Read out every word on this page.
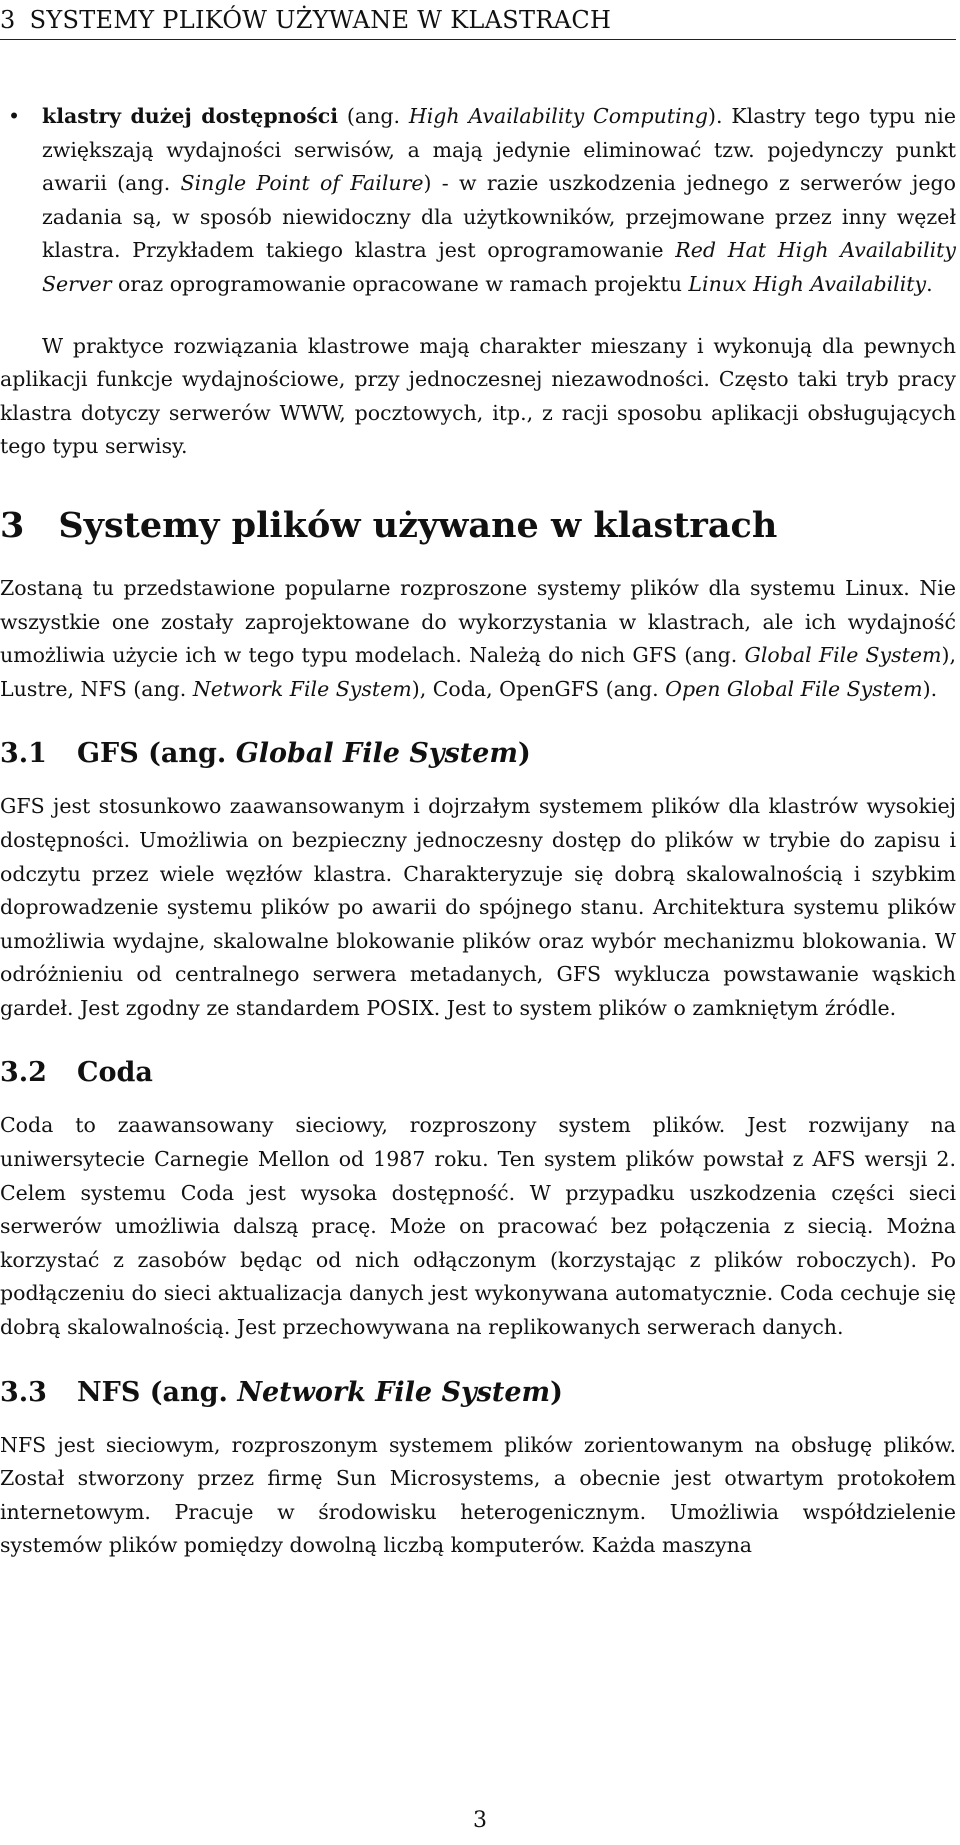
3 SYSTEMY PLIKÓW UŻYWANE W KLASTRACH
• klastry dużej dostępności (ang. High Availability Computing). Klastry tego typu nie zwiększają wydajności serwisów, a mają jedynie eliminować tzw. pojedynczy punkt awarii (ang. Single Point of Failure) - w razie uszkodzenia jednego z serwerów jego zadania są, w sposób niewidoczny dla użytkowników, przejmowane przez inny węzeł klastra. Przykładem takiego klastra jest oprogramowanie Red Hat High Availability Server oraz oprogramowanie opracowane w ramach projektu Linux High Availability.

W praktyce rozwiązania klastrowe mają charakter mieszany i wykonują dla pewnych aplikacji funkcje wydajnościowe, przy jednoczesnej niezawodności. Często taki tryb pracy klastra dotyczy serwerów WWW, pocztowych, itp., z racji sposobu aplikacji obsługujących tego typu serwisy.

3 Systemy plików używane w klastrach

Zostaną tu przedstawione popularne rozproszone systemy plików dla systemu Linux. Nie wszystkie one zostały zaprojektowane do wykorzystania w klastrach, ale ich wydajność umożliwia użycie ich w tego typu modelach. Należą do nich GFS (ang. Global File System), Lustre, NFS (ang. Network File System), Coda, OpenGFS (ang. Open Global File System).

3.1 GFS (ang. Global File System)

GFS jest stosunkowo zaawansowanym i dojrzałym systemem plików dla klastrów wysokiej dostępności. Umożliwia on bezpieczny jednoczesny dostęp do plików w trybie do zapisu i odczytu przez wiele węzłów klastra. Charakteryzuje się dobrą skalowalnością i szybkim doprowadzenie systemu plików po awarii do spójnego stanu. Architektura systemu plików umożliwia wydajne, skalowalne blokowanie plików oraz wybór mechanizmu blokowania. W odróżnieniu od centralnego serwera metadanych, GFS wyklucza powstawanie wąskich gardeł. Jest zgodny ze standardem POSIX. Jest to system plików o zamkniętym źródle.

3.2 Coda

Coda to zaawansowany sieciowy, rozproszony system plików. Jest rozwijany na uniwersytecie Carnegie Mellon od 1987 roku. Ten system plików powstał z AFS wersji 2. Celem systemu Coda jest wysoka dostępność. W przypadku uszkodzenia części sieci serwerów umożliwia dalszą pracę. Może on pracować bez połączenia z siecią. Można korzystać z zasobów będąc od nich odłączonym (korzystając z plików roboczych). Po podłączeniu do sieci aktualizacja danych jest wykonywana automatycznie. Coda cechuje się dobrą skalowalnością. Jest przechowywana na replikowanych serwerach danych.

3.3 NFS (ang. Network File System)

NFS jest sieciowym, rozproszonym systemem plików zorientowanym na obsługę plików. Został stworzony przez firmę Sun Microsystems, a obecnie jest otwartym protokołem internetowym. Pracuje w środowisku heterogenicznym. Umożliwia współdzielenie systemów plików pomiędzy dowolną liczbą komputerów. Każda maszyna

3
